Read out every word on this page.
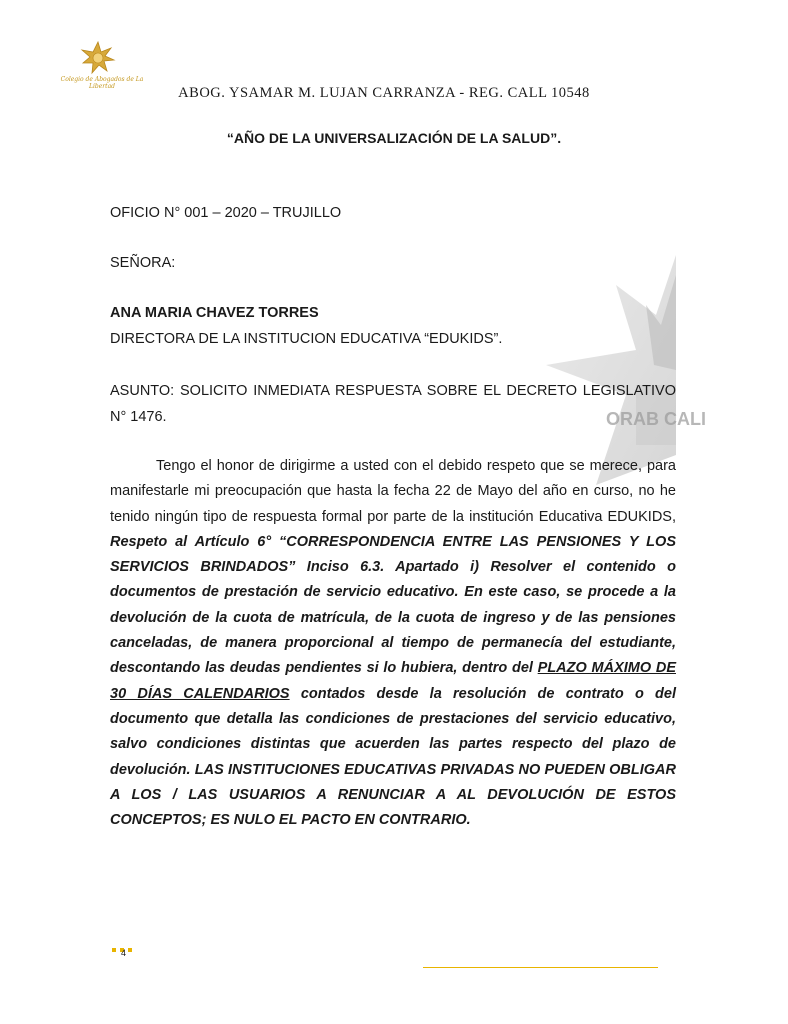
Colegio de Abogados de La Libertad
ORAB CALI
ABOG. YSAMAR M. LUJAN CARRANZA - REG. CALL 10548
“AÑO DE LA UNIVERSALIZACIÓN DE LA SALUD”.
OFICIO N° 001 – 2020 – TRUJILLO
SEÑORA:
ANA MARIA CHAVEZ TORRES
DIRECTORA DE LA INSTITUCION EDUCATIVA “EDUKIDS”.

ASUNTO: SOLICITO INMEDIATA RESPUESTA SOBRE EL DECRETO LEGISLATIVO N° 1476.

Tengo el honor de dirigirme a usted con el debido respeto que se merece, para manifestarle mi preocupación que hasta la fecha 22 de Mayo del año en curso, no he tenido ningún tipo de respuesta formal por parte de la institución Educativa EDUKIDS, Respeto al Artículo 6° “CORRESPONDENCIA ENTRE LAS PENSIONES Y LOS SERVICIOS BRINDADOS” Inciso 6.3. Apartado i) Resolver el contenido o documentos de prestación de servicio educativo. En este caso, se procede a la devolución de la cuota de matrícula, de la cuota de ingreso y de las pensiones canceladas, de manera proporcional al tiempo de permanecía del estudiante, descontando las deudas pendientes si lo hubiera, dentro del PLAZO MÁXIMO DE 30 DÍAS CALENDARIOS contados desde la resolución de contrato o del documento que detalla las condiciones de prestaciones del servicio educativo, salvo condiciones distintas que acuerden las partes respecto del plazo de devolución. LAS INSTITUCIONES EDUCATIVAS PRIVADAS NO PUEDEN OBLIGAR A LOS / LAS USUARIOS A RENUNCIAR A AL DEVOLUCIÓN DE ESTOS CONCEPTOS; ES NULO EL PACTO EN CONTRARIO.

4
